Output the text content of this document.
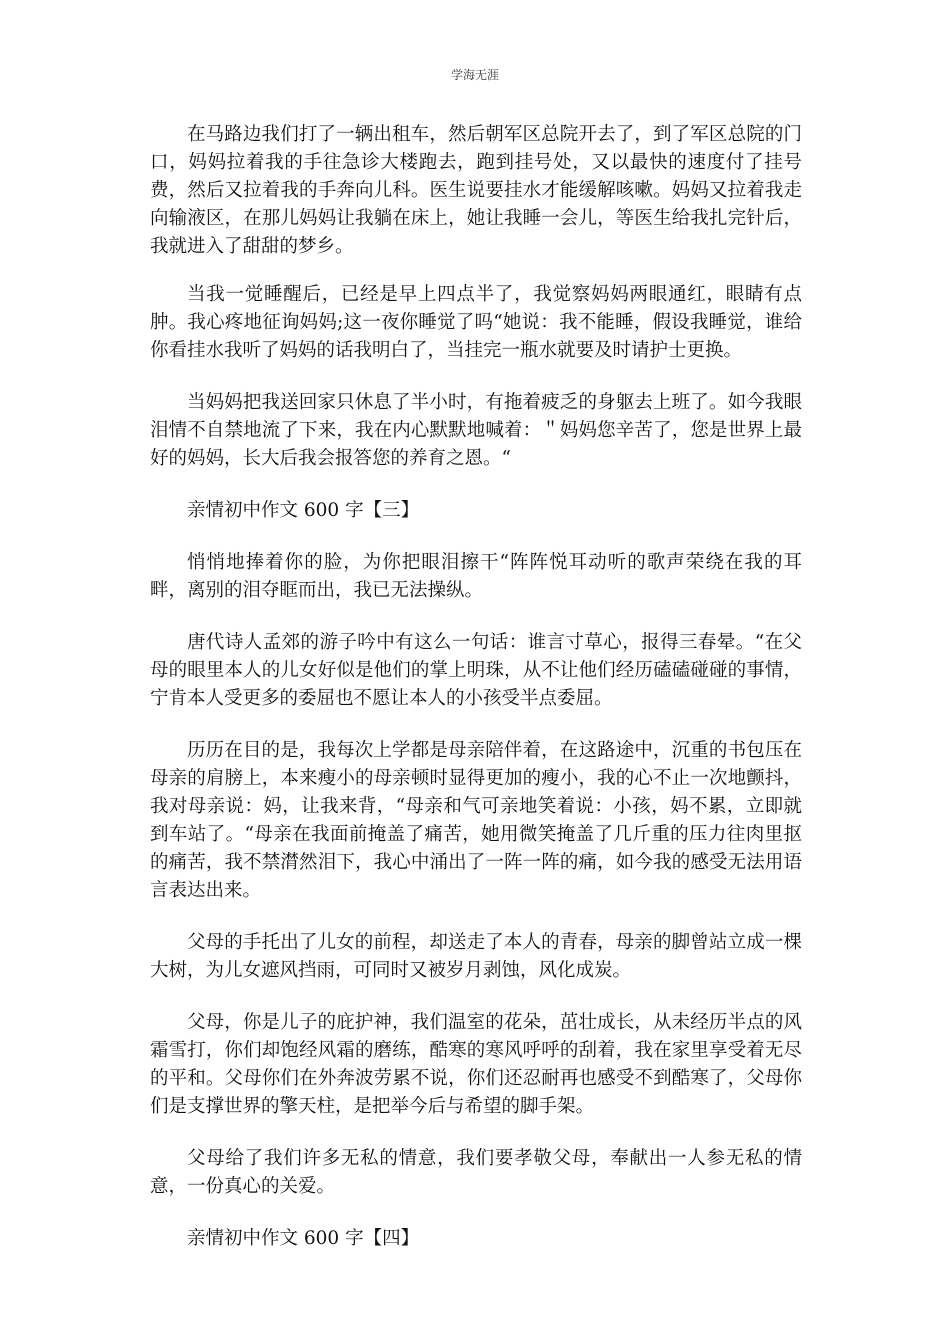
学海无涯

在马路边我们打了一辆出租车，然后朝军区总院开去了，到了军区总院的门口，妈妈拉着我的手往急诊大楼跑去，跑到挂号处，又以最快的速度付了挂号费，然后又拉着我的手奔向儿科。医生说要挂水才能缓解咳嗽。妈妈又拉着我走向输液区，在那儿妈妈让我躺在床上，她让我睡一会儿，等医生给我扎完针后，我就进入了甜甜的梦乡。

当我一觉睡醒后，已经是早上四点半了，我觉察妈妈两眼通红，眼睛有点肿。我心疼地征询妈妈;这一夜你睡觉了吗“她说：我不能睡，假设我睡觉，谁给你看挂水我听了妈妈的话我明白了，当挂完一瓶水就要及时请护士更换。

当妈妈把我送回家只休息了半小时，有拖着疲乏的身躯去上班了。如今我眼泪情不自禁地流了下来，我在内心默默地喊着：＂妈妈您辛苦了，您是世界上最好的妈妈，长大后我会报答您的养育之恩。“

亲情初中作文 600 字【三】

悄悄地捧着你的脸，为你把眼泪擦干“阵阵悦耳动听的歌声荣绕在我的耳畔，离别的泪夺眶而出，我已无法操纵。

唐代诗人孟郊的游子吟中有这么一句话：谁言寸草心，报得三春晕。“在父母的眼里本人的儿女好似是他们的掌上明珠，从不让他们经历磕磕碰碰的事情，宁肯本人受更多的委屈也不愿让本人的小孩受半点委屈。

历历在目的是，我每次上学都是母亲陪伴着，在这路途中，沉重的书包压在母亲的肩膀上，本来瘦小的母亲顿时显得更加的瘦小，我的心不止一次地颤抖，我对母亲说：妈，让我来背，“母亲和气可亲地笑着说：小孩，妈不累，立即就到车站了。“母亲在我面前掩盖了痛苦，她用微笑掩盖了几斤重的压力往肉里抠的痛苦，我不禁潸然泪下，我心中涌出了一阵一阵的痛，如今我的感受无法用语言表达出来。

父母的手托出了儿女的前程，却送走了本人的青春，母亲的脚曾站立成一棵大树，为儿女遮风挡雨，可同时又被岁月剥蚀，风化成炭。

父母，你是儿子的庇护神，我们温室的花朵，茁壮成长，从未经历半点的风霜雪打，你们却饱经风霜的磨练，酷寒的寒风呼呼的刮着，我在家里享受着无尽的平和。父母你们在外奔波劳累不说，你们还忍耐再也感受不到酷寒了，父母你们是支撑世界的擎天柱，是把举今后与希望的脚手架。

父母给了我们许多无私的情意，我们要孝敬父母，奉献出一人参无私的情意，一份真心的关爱。

亲情初中作文 600 字【四】
